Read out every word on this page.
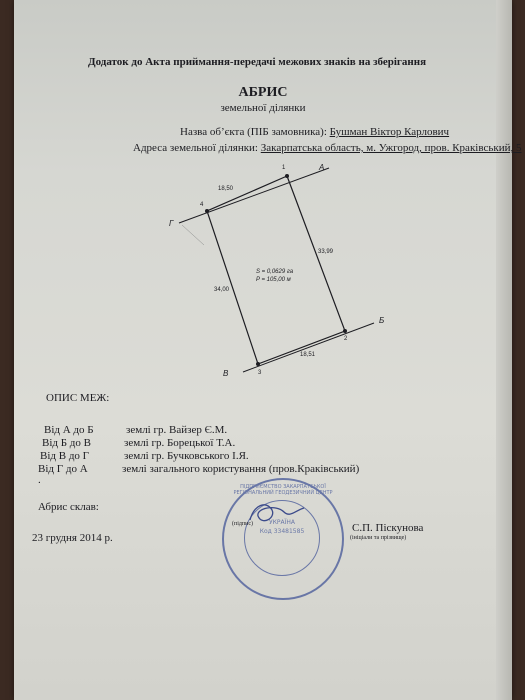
Додаток до Акта приймання-передачі межових знаків на зберігання
АБРИС
земельної ділянки
Назва об’єкта (ПІБ замовника): Бушман Віктор Карлович
Адреса земельної ділянки: Закарпатська область, м. Ужгород, пров. Краківський, 5
1
2
3
4
А
Б
В
Г
18,50
33,99
18,51
34,00
S = 0,0629 га
P = 105,00 м
ОПИС МЕЖ:
Від А до Б	землі гр. Вайзер Є.М.
Від Б до В	землі гр. Борецької Т.А.
Від В до Г	землі гр. Бучковського І.Я.
Від Г до А	землі загального користування (пров.Краківський)
.
Абрис склав:
23 грудня 2014 р.
С.П. Піскунова
(ініціали та прізвище)
ПІДПРИЄМСТВО ЗАКАРПАТСЬКОЇ РЕГІОНАЛЬНИЙ ГЕОДЕЗИЧНИЙ ЦЕНТР
УКРАЇНА
Код 33481585
(підпис)
